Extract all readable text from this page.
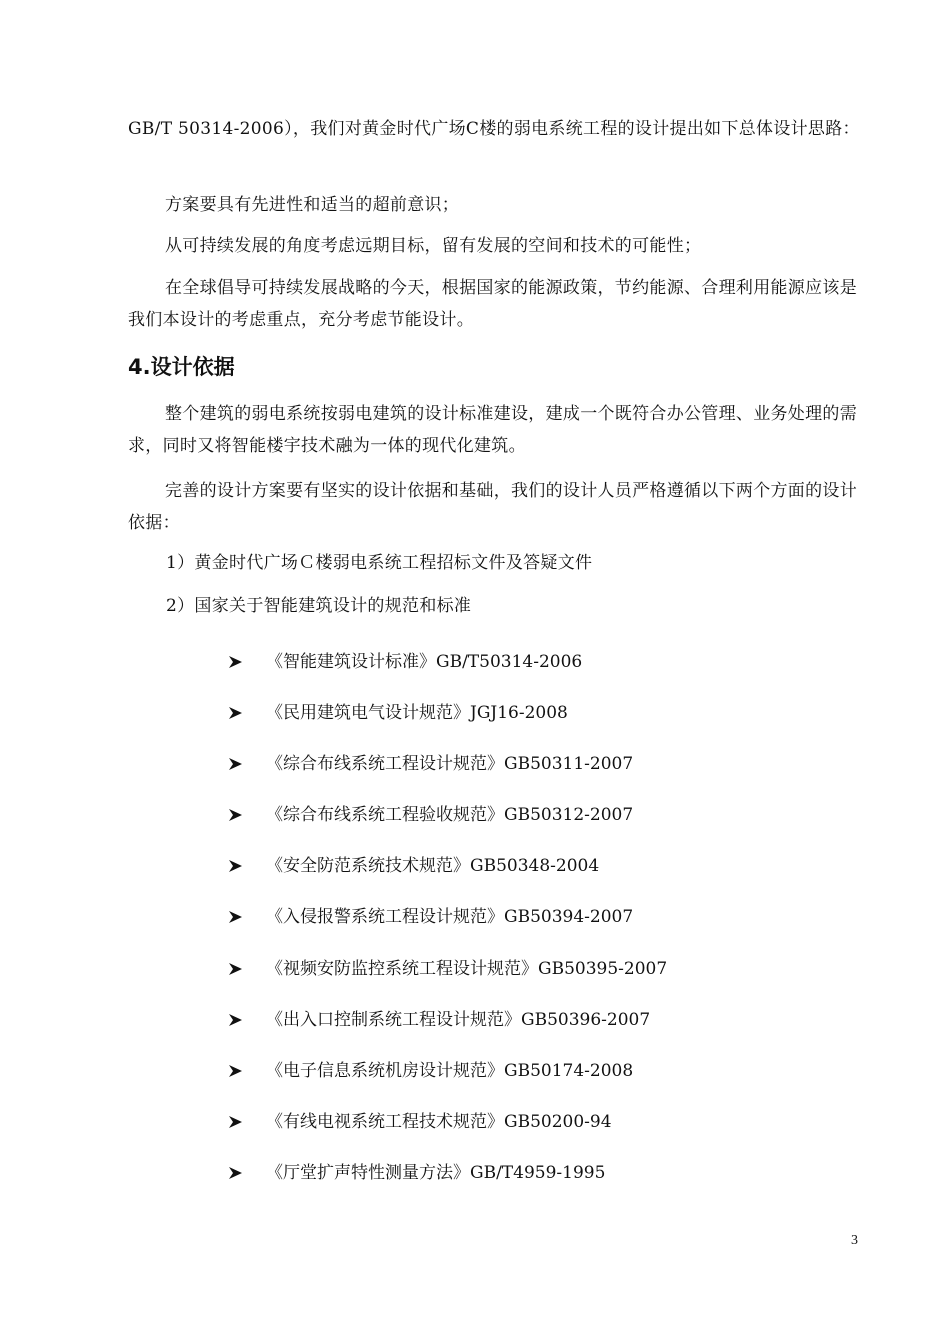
GB/T 50314-2006），我们对黄金时代广场C楼的弱电系统工程的设计提出如下总体设计思路：

方案要具有先进性和适当的超前意识；

从可持续发展的角度考虑远期目标，留有发展的空间和技术的可能性；

在全球倡导可持续发展战略的今天，根据国家的能源政策，节约能源、合理利用能源应该是我们本设计的考虑重点，充分考虑节能设计。

4.设计依据

整个建筑的弱电系统按弱电建筑的设计标准建设，建成一个既符合办公管理、业务处理的需求，同时又将智能楼宇技术融为一体的现代化建筑。

完善的设计方案要有坚实的设计依据和基础，我们的设计人员严格遵循以下两个方面的设计依据：

1）黄金时代广场Ｃ楼弱电系统工程招标文件及答疑文件

2）国家关于智能建筑设计的规范和标准

《智能建筑设计标准》GB/T50314-2006
《民用建筑电气设计规范》JGJ16-2008
《综合布线系统工程设计规范》GB50311-2007
《综合布线系统工程验收规范》GB50312-2007
《安全防范系统技术规范》GB50348-2004
《入侵报警系统工程设计规范》GB50394-2007
《视频安防监控系统工程设计规范》GB50395-2007
《出入口控制系统工程设计规范》GB50396-2007
《电子信息系统机房设计规范》GB50174-2008
《有线电视系统工程技术规范》GB50200-94
《厅堂扩声特性测量方法》GB/T4959-1995
3
